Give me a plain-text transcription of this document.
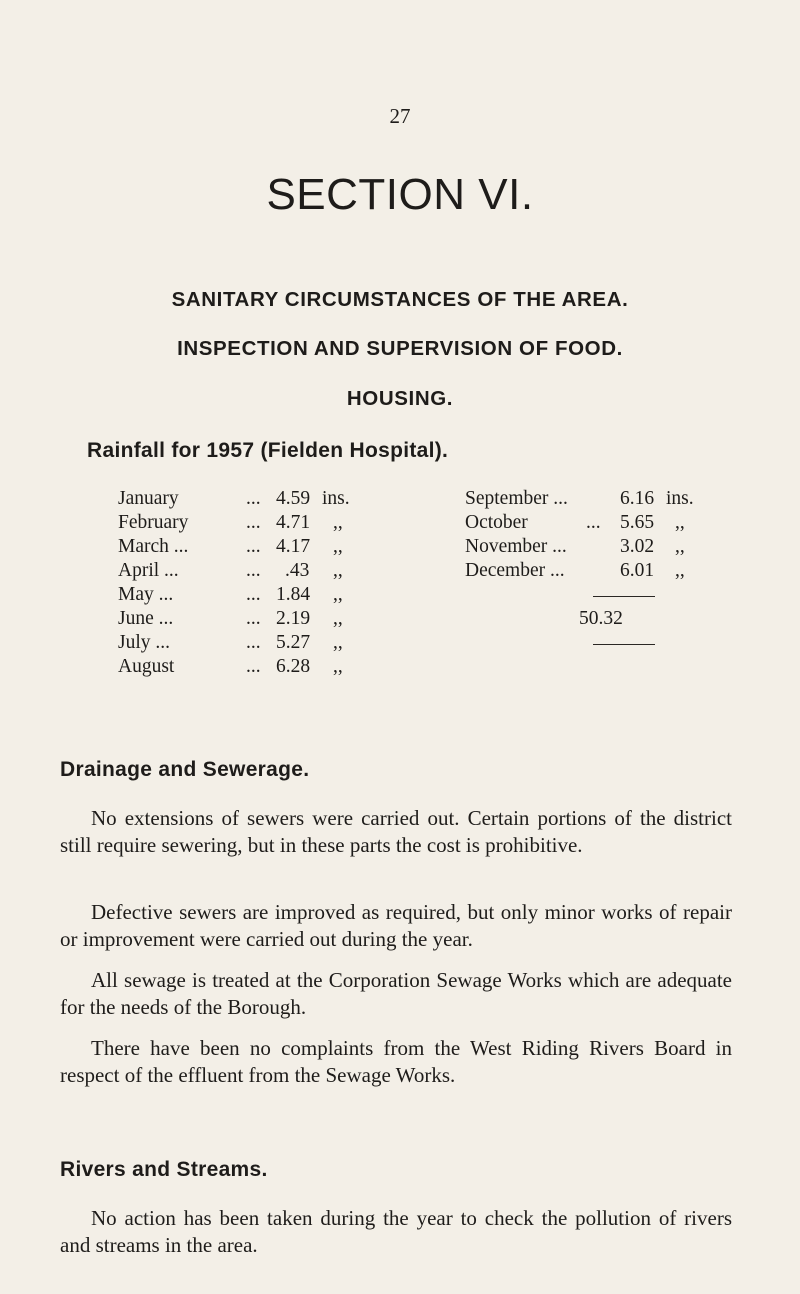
27
SECTION VI.
SANITARY CIRCUMSTANCES OF THE AREA.
INSPECTION AND SUPERVISION OF FOOD.
HOUSING.
Rainfall for 1957 (Fielden Hospital).
January	... 4.59 ins.
February	... 4.71 ,,
March ...	... 4.17 ,,
April ...	... .43 ,,
May ...	... 1.84 ,,
June ...	... 2.19 ,,
July ...	... 5.27 ,,
August	... 6.28 ,,
September ...	6.16 ins.
October	... 5.65 ,,
November ...	3.02 ,,
December ...	6.01 ,,
50.32
Drainage and Sewerage.

No extensions of sewers were carried out. Certain portions of the district still require sewering, but in these parts the cost is prohibitive.

Defective sewers are improved as required, but only minor works of repair or improvement were carried out during the year.

All sewage is treated at the Corporation Sewage Works which are adequate for the needs of the Borough.

There have been no complaints from the West Riding Rivers Board in respect of the effluent from the Sewage Works.

Rivers and Streams.

No action has been taken during the year to check the pollution of rivers and streams in the area.
